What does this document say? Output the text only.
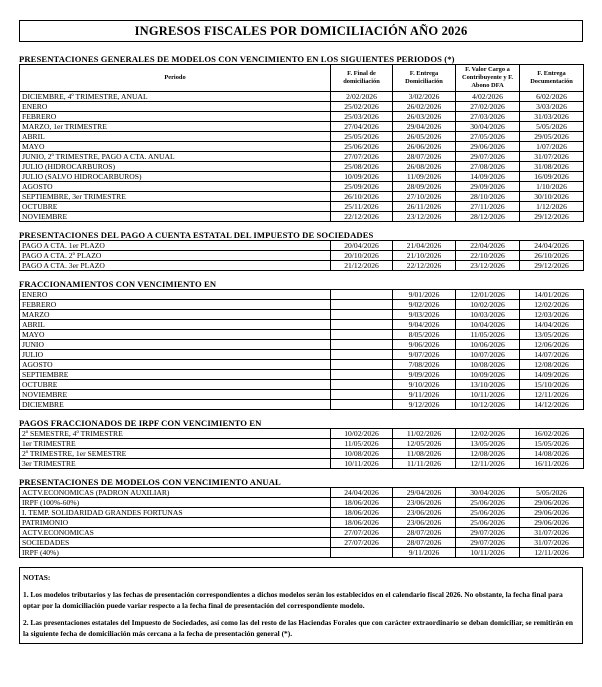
INGRESOS FISCALES POR DOMICILIACIÓN AÑO 2026
PRESENTACIONES GENERALES DE MODELOS CON VENCIMIENTO EN LOS SIGUIENTES PERIODOS (*)
Periodo	F. Final de domiciliación	F. Entrega Domiciliación	F. Valor Cargo a Contribuyente y F. Abono DFA	F. Entrega Documentación
DICIEMBRE, 4º TRIMESTRE, ANUAL	2/02/2026	3/02/2026	4/02/2026	6/02/2026
ENERO	25/02/2026	26/02/2026	27/02/2026	3/03/2026
FEBRERO	25/03/2026	26/03/2026	27/03/2026	31/03/2026
MARZO, 1er TRIMESTRE	27/04/2026	29/04/2026	30/04/2026	5/05/2026
ABRIL	25/05/2026	26/05/2026	27/05/2026	29/05/2026
MAYO	25/06/2026	26/06/2026	29/06/2026	1/07/2026
JUNIO, 2º TRIMESTRE, PAGO A CTA. ANUAL	27/07/2026	28/07/2026	29/07/2026	31/07/2026
JULIO (HIDROCARBUROS)	25/08/2026	26/08/2026	27/08/2026	31/08/2026
JULIO (SALVO HIDROCARBUROS)	10/09/2026	11/09/2026	14/09/2026	16/09/2026
AGOSTO	25/09/2026	28/09/2026	29/09/2026	1/10/2026
SEPTIEMBRE, 3er TRIMESTRE	26/10/2026	27/10/2026	28/10/2026	30/10/2026
OCTUBRE	25/11/2026	26/11/2026	27/11/2026	1/12/2026
NOVIEMBRE	22/12/2026	23/12/2026	28/12/2026	29/12/2026
PRESENTACIONES DEL PAGO A CUENTA ESTATAL DEL IMPUESTO DE SOCIEDADES
PAGO A CTA. 1er PLAZO	20/04/2026	21/04/2026	22/04/2026	24/04/2026
PAGO A CTA. 2º PLAZO	20/10/2026	21/10/2026	22/10/2026	26/10/2026
PAGO A CTA. 3er PLAZO	21/12/2026	22/12/2026	23/12/2026	29/12/2026
FRACCIONAMIENTOS CON VENCIMIENTO EN
ENERO		9/01/2026	12/01/2026	14/01/2026
FEBRERO		9/02/2026	10/02/2026	12/02/2026
MARZO		9/03/2026	10/03/2026	12/03/2026
ABRIL		9/04/2026	10/04/2026	14/04/2026
MAYO		8/05/2026	11/05/2026	13/05/2026
JUNIO		9/06/2026	10/06/2026	12/06/2026
JULIO		9/07/2026	10/07/2026	14/07/2026
AGOSTO		7/08/2026	10/08/2026	12/08/2026
SEPTIEMBRE		9/09/2026	10/09/2026	14/09/2026
OCTUBRE		9/10/2026	13/10/2026	15/10/2026
NOVIEMBRE		9/11/2026	10/11/2026	12/11/2026
DICIEMBRE		9/12/2026	10/12/2026	14/12/2026
PAGOS FRACCIONADOS DE IRPF CON VENCIMIENTO EN
2º SEMESTRE, 4º TRIMESTRE	10/02/2026	11/02/2026	12/02/2026	16/02/2026
1er TRIMESTRE	11/05/2026	12/05/2026	13/05/2026	15/05/2026
2º TRIMESTRE, 1er SEMESTRE	10/08/2026	11/08/2026	12/08/2026	14/08/2026
3er TRIMESTRE	10/11/2026	11/11/2026	12/11/2026	16/11/2026
PRESENTACIONES DE MODELOS CON VENCIMIENTO ANUAL
ACTV.ECONOMICAS (PADRON AUXILIAR)	24/04/2026	29/04/2026	30/04/2026	5/05/2026
IRPF (100%-60%)	18/06/2026	23/06/2026	25/06/2026	29/06/2026
I. TEMP. SOLIDARIDAD GRANDES FORTUNAS	18/06/2026	23/06/2026	25/06/2026	29/06/2026
PATRIMONIO	18/06/2026	23/06/2026	25/06/2026	29/06/2026
ACTV.ECONOMICAS	27/07/2026	28/07/2026	29/07/2026	31/07/2026
SOCIEDADES	27/07/2026	28/07/2026	29/07/2026	31/07/2026
IRPF (40%)		9/11/2026	10/11/2026	12/11/2026

NOTAS:

1. Los modelos tributarios y las fechas de presentación correspondientes a dichos modelos serán los establecidos en el calendario fiscal 2026. No obstante, la fecha final para optar por la domiciliación puede variar respecto a la fecha final de presentación del correspondiente modelo.

2. Las presentaciones estatales del Impuesto de Sociedades, así como las del resto de las Haciendas Forales que con carácter extraordinario se deban domiciliar, se remitirán en la siguiente fecha de domiciliación más cercana a la fecha de presentación general (*).
